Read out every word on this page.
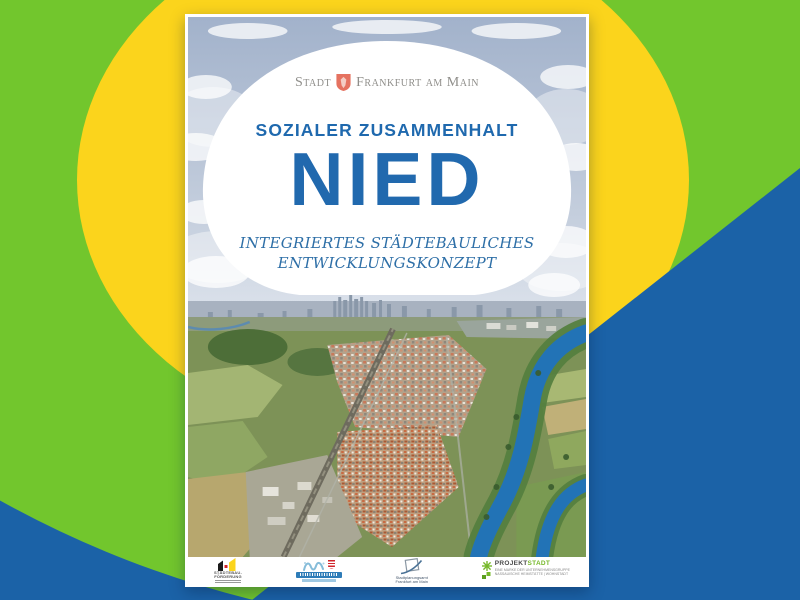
Stadt Frankfurt am Main
SOZIALER ZUSAMMENHALT
NIED
INTEGRIERTES STÄDTEBAULICHES
ENTWICKLUNGSKONZEPT
STÄDTEBAU-
FÖRDERUNG	Stadtplanungsamt
Frankfurt am Main
PROJEKTSTADT
EINE MARKE DER UNTERNEHMENSGRUPPE
NASSAUISCHE HEIMSTÄTTE | WOHNSTADT
